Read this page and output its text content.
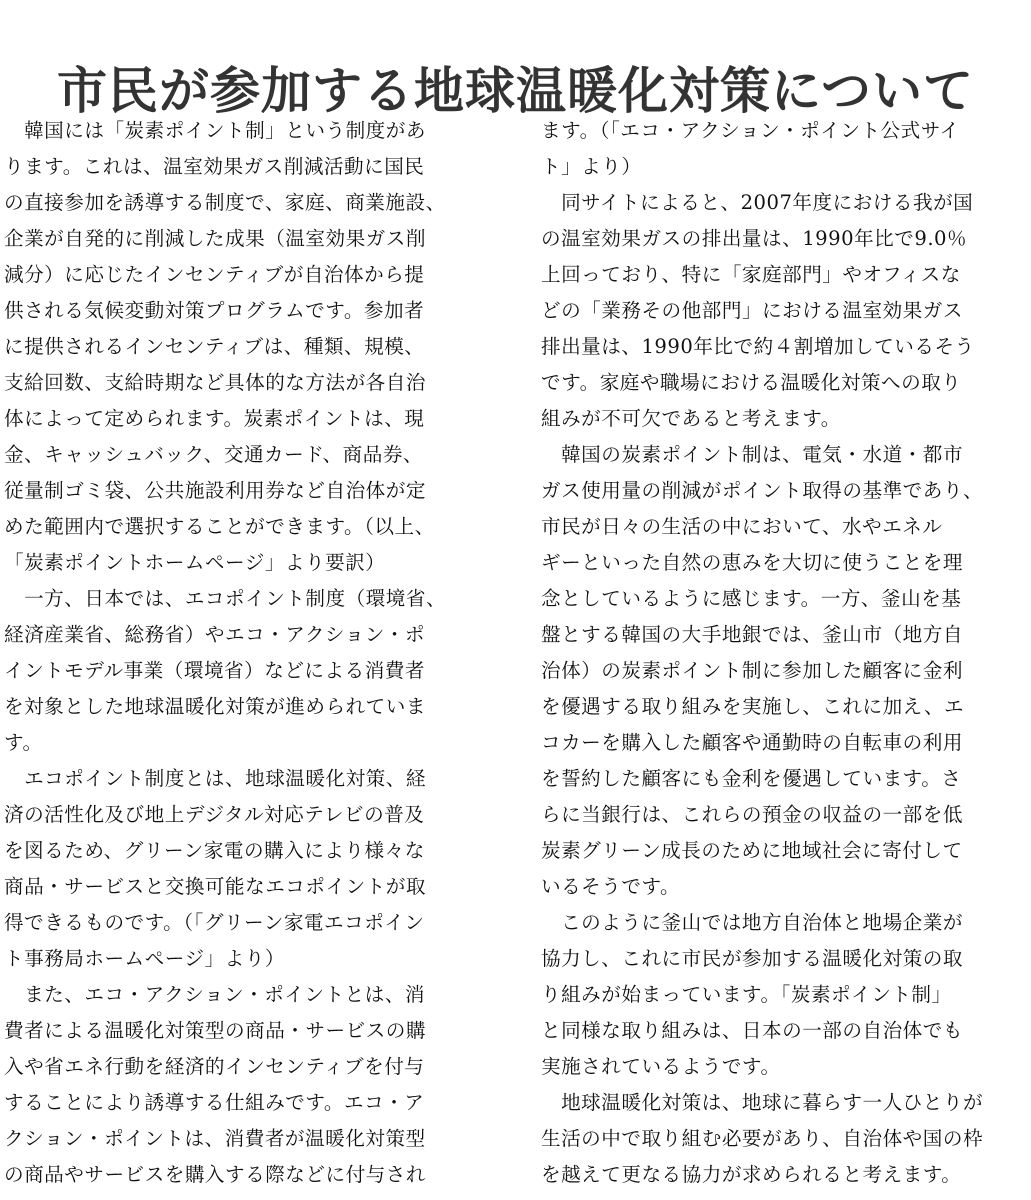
市民が参加する地球温暖化対策について

　韓国には「炭素ポイント制」という制度があ
ります。これは、温室効果ガス削減活動に国民
の直接参加を誘導する制度で、家庭、商業施設、
企業が自発的に削減した成果（温室効果ガス削
減分）に応じたインセンティブが自治体から提
供される気候変動対策プログラムです。参加者
に提供されるインセンティブは、種類、規模、
支給回数、支給時期など具体的な方法が各自治
体によって定められます。炭素ポイントは、現
金、キャッシュバック、交通カード、商品券、
従量制ゴミ袋、公共施設利用券など自治体が定
めた範囲内で選択することができます。（以上、
「炭素ポイントホームページ」より要訳）

　一方、日本では、エコポイント制度（環境省、
経済産業省、総務省）やエコ・アクション・ポ
イントモデル事業（環境省）などによる消費者
を対象とした地球温暖化対策が進められていま
す。

　エコポイント制度とは、地球温暖化対策、経
済の活性化及び地上デジタル対応テレビの普及
を図るため、グリーン家電の購入により様々な
商品・サービスと交換可能なエコポイントが取
得できるものです。（「グリーン家電エコポイン
ト事務局ホームページ」より）

　また、エコ・アクション・ポイントとは、消
費者による温暖化対策型の商品・サービスの購
入や省エネ行動を経済的インセンティブを付与
することにより誘導する仕組みです。エコ・ア
クション・ポイントは、消費者が温暖化対策型
の商品やサービスを購入する際などに付与され

ます。（「エコ・アクション・ポイント公式サイ
ト」より）

　同サイトによると、2007年度における我が国
の温室効果ガスの排出量は、1990年比で9.0％
上回っており、特に「家庭部門」やオフィスな
どの「業務その他部門」における温室効果ガス
排出量は、1990年比で約４割増加しているそう
です。家庭や職場における温暖化対策への取り
組みが不可欠であると考えます。

　韓国の炭素ポイント制は、電気・水道・都市
ガス使用量の削減がポイント取得の基準であり、
市民が日々の生活の中において、水やエネル
ギーといった自然の恵みを大切に使うことを理
念としているように感じます。一方、釜山を基
盤とする韓国の大手地銀では、釜山市（地方自
治体）の炭素ポイント制に参加した顧客に金利
を優遇する取り組みを実施し、これに加え、エ
コカーを購入した顧客や通勤時の自転車の利用
を誓約した顧客にも金利を優遇しています。さ
らに当銀行は、これらの預金の収益の一部を低
炭素グリーン成長のために地域社会に寄付して
いるそうです。

　このように釜山では地方自治体と地場企業が
協力し、これに市民が参加する温暖化対策の取
り組みが始まっています。「炭素ポイント制」
と同様な取り組みは、日本の一部の自治体でも
実施されているようです。

　地球温暖化対策は、地球に暮らす一人ひとりが
生活の中で取り組む必要があり、自治体や国の枠
を越えて更なる協力が求められると考えます。
